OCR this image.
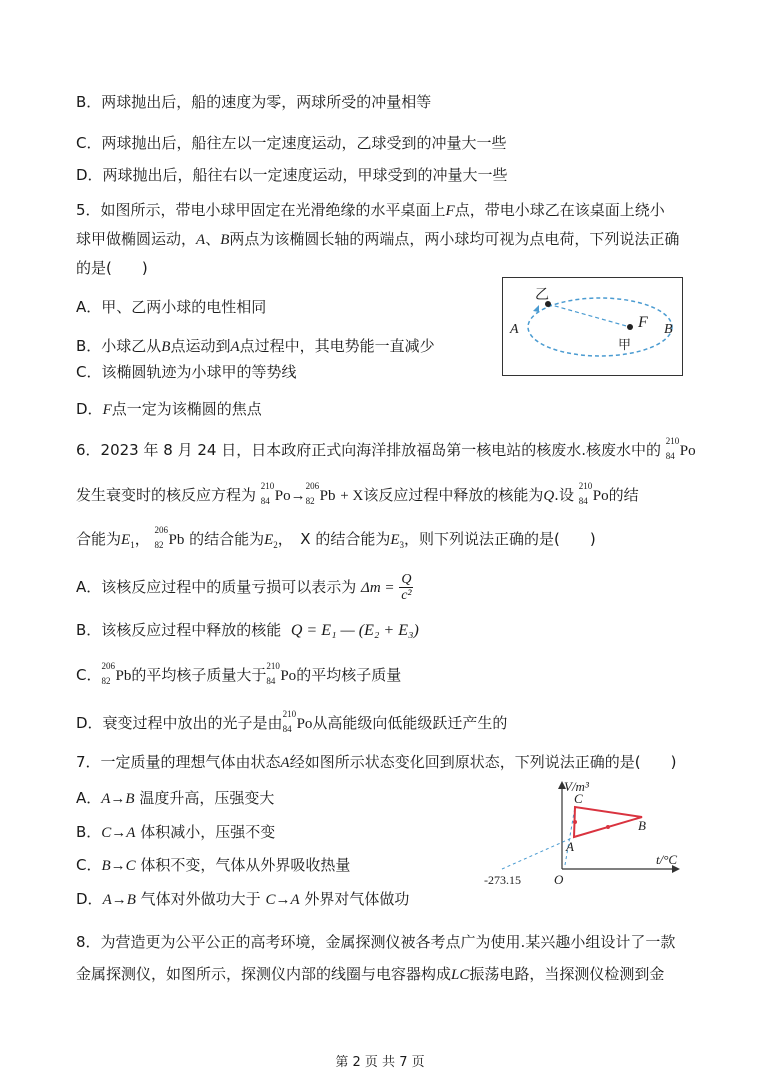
B．两球抛出后，船的速度为零，两球所受的冲量相等
C．两球抛出后，船往左以一定速度运动，乙球受到的冲量大一些
D．两球抛出后，船往右以一定速度运动，甲球受到的冲量大一些
5．如图所示，带电小球甲固定在光滑绝缘的水平桌面上F点，带电小球乙在该桌面上绕小
球甲做椭圆运动，A、B两点为该椭圆长轴的两端点，两小球均可视为点电荷，下列说法正确
的是(　　)
A．甲、乙两小球的电性相同
B．小球乙从B点运动到A点过程中，其电势能一直减少
C．该椭圆轨迹为小球甲的等势线
D．F点一定为该椭圆的焦点
乙
甲
A	B
F
6．2023 年 8 月 24 日，日本政府正式向海洋排放福岛第一核电站的核废水.核废水中的 210
84 Po
发生衰变时的核反应方程为 210
84 Po→
206
82 Pb + X该反应过程中释放的核能为Q.设 210
84 Po的结
合能为$E_1$， 206
82 Pb 的结合能为$E_2$，　X 的结合能为$E_3$，则下列说法正确的是(　　)
A．该核反应过程中的质量亏损可以表示为 $\Delta m = \frac{Q}{\text{c²}}$
B．该核反应过程中释放的核能 Q = E₁ — (E₂ + E₃)
C． 206
82 Pb的平均核子质量大于 210
84 Po的平均核子质量
D．衰变过程中放出的光子是由 210
84 Po从高能级向低能级跃迁产生的
7．一定质量的理想气体由状态A经如图所示状态变化回到原状态，下列说法正确的是(　　)
A．A→B 温度升高，压强变大
B．C→A 体积减小，压强不变
C．B→C 体积不变，气体从外界吸收热量
D．A→B 气体对外做功大于 C→A 外界对气体做功
V/m³
t/°C
O
-273.15
A
B
C
8．为营造更为公平公正的高考环境，金属探测仪被各考点广为使用.某兴趣小组设计了一款
金属探测仪，如图所示，探测仪内部的线圈与电容器构成LC振荡电路，当探测仪检测到金
第 2 页 共 7 页
